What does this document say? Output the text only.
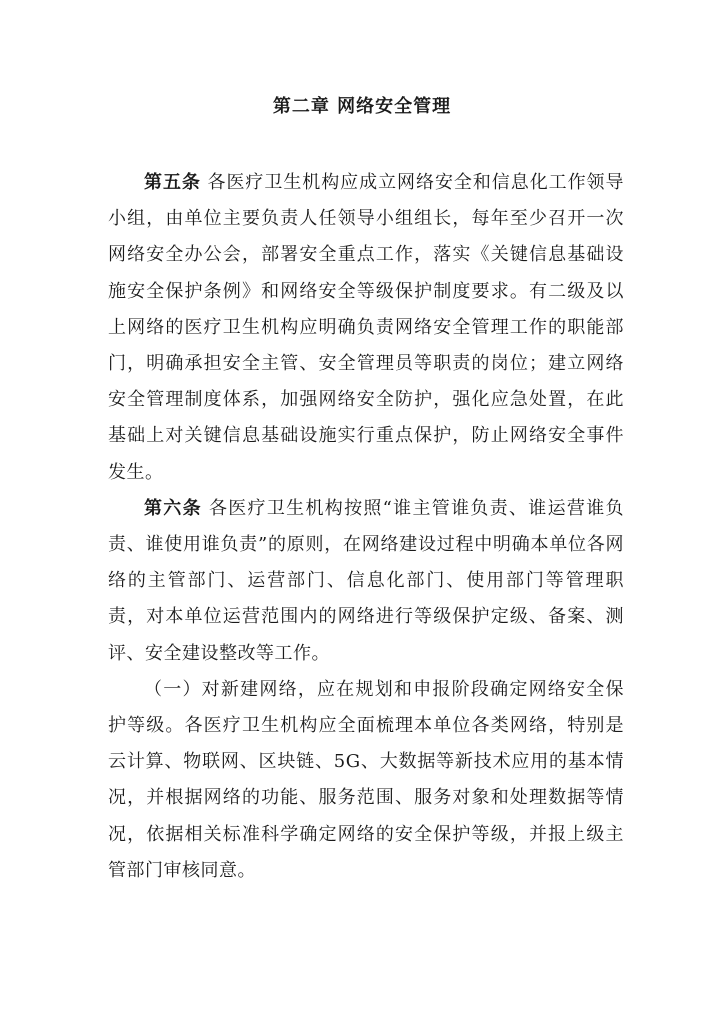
第二章 网络安全管理

第五条 各医疗卫生机构应成立网络安全和信息化工作领导小组，由单位主要负责人任领导小组组长，每年至少召开一次网络安全办公会，部署安全重点工作，落实《关键信息基础设施安全保护条例》和网络安全等级保护制度要求。有二级及以上网络的医疗卫生机构应明确负责网络安全管理工作的职能部门，明确承担安全主管、安全管理员等职责的岗位；建立网络安全管理制度体系，加强网络安全防护，强化应急处置，在此基础上对关键信息基础设施实行重点保护，防止网络安全事件发生。

第六条 各医疗卫生机构按照“谁主管谁负责、谁运营谁负责、谁使用谁负责”的原则，在网络建设过程中明确本单位各网络的主管部门、运营部门、信息化部门、使用部门等管理职责，对本单位运营范围内的网络进行等级保护定级、备案、测评、安全建设整改等工作。

（一）对新建网络，应在规划和申报阶段确定网络安全保护等级。各医疗卫生机构应全面梳理本单位各类网络，特别是云计算、物联网、区块链、5G、大数据等新技术应用的基本情况，并根据网络的功能、服务范围、服务对象和处理数据等情况，依据相关标准科学确定网络的安全保护等级，并报上级主管部门审核同意。
